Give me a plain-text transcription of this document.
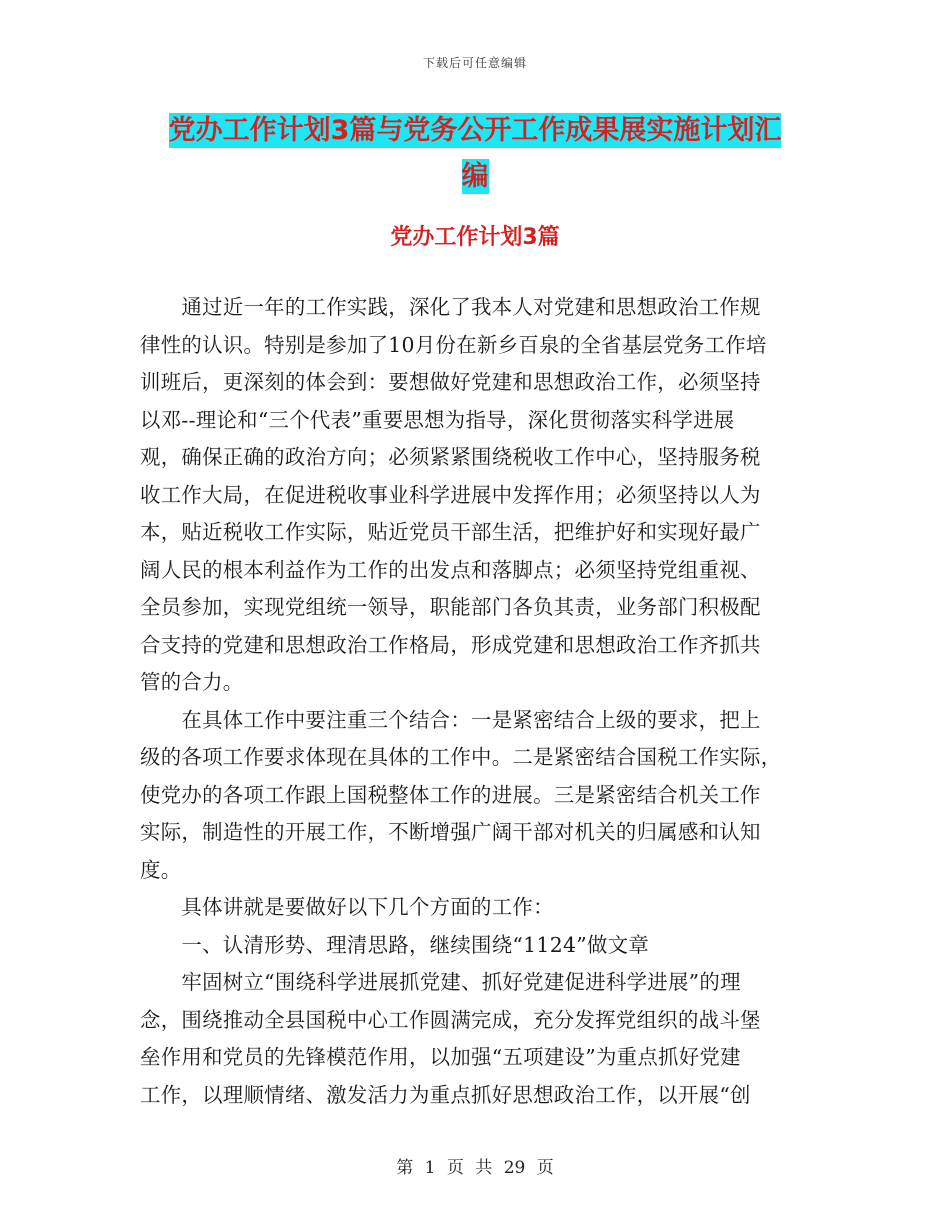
下载后可任意编辑
党办工作计划3篇与党务公开工作成果展实施计划汇
编
党办工作计划3篇
　　通过近一年的工作实践，深化了我本人对党建和思想政治工作规
律性的认识。特别是参加了10月份在新乡百泉的全省基层党务工作培
训班后，更深刻的体会到：要想做好党建和思想政治工作，必须坚持
以邓--理论和“三个代表”重要思想为指导，深化贯彻落实科学进展
观，确保正确的政治方向；必须紧紧围绕税收工作中心，坚持服务税
收工作大局，在促进税收事业科学进展中发挥作用；必须坚持以人为
本，贴近税收工作实际，贴近党员干部生活，把维护好和实现好最广
阔人民的根本利益作为工作的出发点和落脚点；必须坚持党组重视、
全员参加，实现党组统一领导，职能部门各负其责，业务部门积极配
合支持的党建和思想政治工作格局，形成党建和思想政治工作齐抓共
管的合力。
　　在具体工作中要注重三个结合：一是紧密结合上级的要求，把上
级的各项工作要求体现在具体的工作中。二是紧密结合国税工作实际，
使党办的各项工作跟上国税整体工作的进展。三是紧密结合机关工作
实际，制造性的开展工作，不断增强广阔干部对机关的归属感和认知
度。
　　具体讲就是要做好以下几个方面的工作：
　　一、认清形势、理清思路，继续围绕“1124”做文章
　　牢固树立“围绕科学进展抓党建、抓好党建促进科学进展”的理
念，围绕推动全县国税中心工作圆满完成，充分发挥党组织的战斗堡
垒作用和党员的先锋模范作用，以加强“五项建设”为重点抓好党建
工作，以理顺情绪、激发活力为重点抓好思想政治工作，以开展“创
第 1 页 共 29 页
